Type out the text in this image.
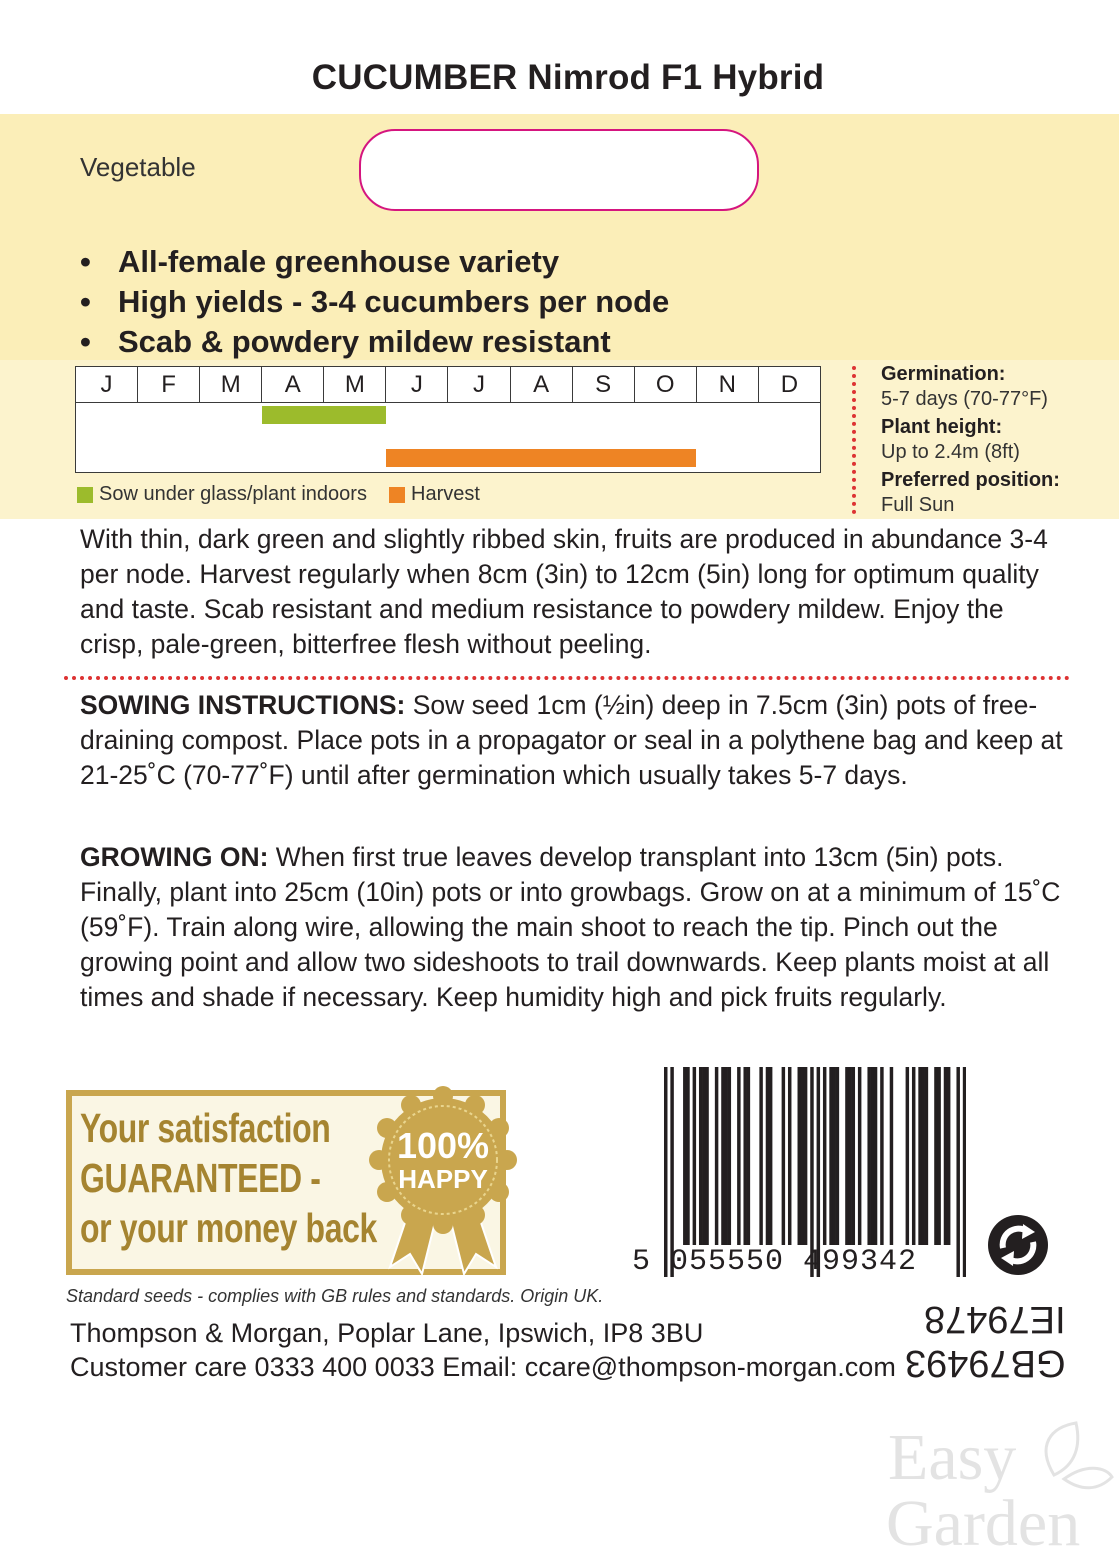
CUCUMBER Nimrod F1 Hybrid
Vegetable
• All-female greenhouse variety
• High yields - 3-4 cucumbers per node
• Scab & powdery mildew resistant
J	F	M	A	M	J	J	A	S	O	N	D
Sow under glass/plant indoors Harvest
Germination:
5-7 days (70-77°F)
Plant height:
Up to 2.4m (8ft)
Preferred position:
Full Sun
With thin, dark green and slightly ribbed skin, fruits are produced in abundance 3-4 per node. Harvest regularly when 8cm (3in) to 12cm (5in) long for optimum quality and taste. Scab resistant and medium resistance to powdery mildew. Enjoy the crisp, pale-green, bitterfree flesh without peeling.
SOWING INSTRUCTIONS: Sow seed 1cm (½in) deep in 7.5cm (3in) pots of free-draining compost. Place pots in a propagator or seal in a polythene bag and keep at 21-25˚C (70-77˚F) until after germination which usually takes 5-7 days.
GROWING ON: When first true leaves develop transplant into 13cm (5in) pots. Finally, plant into 25cm (10in) pots or into growbags. Grow on at a minimum of 15˚C (59˚F). Train along wire, allowing the main shoot to reach the tip. Pinch out the growing point and allow two sideshoots to trail downwards. Keep plants moist at all times and shade if necessary. Keep humidity high and pick fruits regularly.
Your satisfaction
GUARANTEED -
or your money back
100%
HAPPY
5 055550 499342
Standard seeds - complies with GB rules and standards. Origin UK.
Thompson & Morgan, Poplar Lane, Ipswich, IP8 3BU
Customer care 0333 400 0033 Email: ccare@thompson-morgan.com GB79493
IE79478
Easy
Garden
